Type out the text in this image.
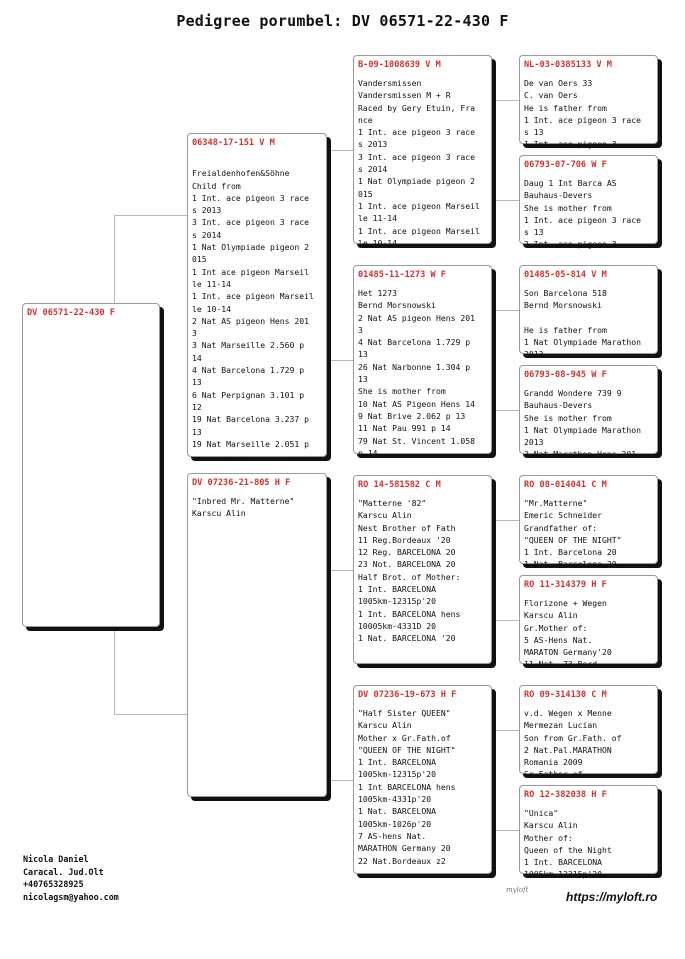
Pedigree porumbel: DV 06571-22-430 F
DV 06571-22-430 F
06348-17-151 V M

Freialdenhofen&Söhne
Child from
1 Int. ace pigeon 3 race
s 2013
3 Int. ace pigeon 3 race
s 2014
1 Nat Olympiade pigeon 2
015
1 Int ace pigeon Marseil
le 11-14
1 Int. ace pigeon Marseil
le 10-14
2 Nat AS pigeon Hens 201
3
3 Nat Marseille 2.560 p
14
4 Nat Barcelona 1.729 p
13
6 Nat Perpignan 3.101 p
12
19 Nat Barcelona 3.237 p
13
19 Nat Marseille 2.051 p
DV 07236-21-805 H F
"Inbred Mr. Matterne"
Karscu Alin
B-09-1008639 V M
Vandersmissen
Vandersmissen M + R
Raced by Gery Etuin, Fra
nce
1 Int. ace pigeon 3 race
s 2013
3 Int. ace pigeon 3 race
s 2014
1 Nat Olympiade pigeon 2
015
1 Int. ace pigeon Marseil
le 11-14
1 Int. ace pigeon Marseil
le 10-14
01485-11-1273 W F
Het 1273
Bernd Morsnowski
2 Nat AS pigeon Hens 201
3
4 Nat Barcelona 1.729 p
13
26 Nat Narbonne 1.304 p
13
She is mother from
10 Nat AS Pigeon Hens 14
9 Nat Brive 2.062 p 13
11 Nat Pau 991 p 14
79 Nat St. Vincent 1.058
p 14
RO 14-581582 C M
"Matterne '82"
Karscu Alin
Nest Brother of Fath
11 Reg.Bordeaux '20
12 Reg. BARCELONA 20
23 Not. BARCELONA 20
Half Brot. of Mother:
1 Int. BARCELONA
1005km-12315p'20
1 Int. BARCELONA hens
10005km-4331D 20
1 Nat. BARCELONA '20
DV 07236-19-673 H F
"Half Sister QUEEN"
Karscu Alin
Mother x Gr.Fath.of
"QUEEN OF THE NIGHT"
1 Int. BARCELONA
1005km-12315p'20
1 Int BARCELONA hens
1005km-4331p'20
1 Nat. BARCELONA
1005km-1026p'20
7 AS-hens Nat.
MARATHON Germany 20
22 Nat.Bordeaux z2
NL-03-0385133 V M
De van Oers 33
C. van Oers
He is father from
1 Int. ace pigeon 3 race
s 13
1 Int. ace pigeon 3
06793-07-706 W F
Daug 1 Int Barca AS
Bauhaus-Devers
She is mother from
1 Int. ace pigeon 3 race
s 13
2 Int. ace pigeon 3
01485-05-814 V M
Son Barcelona 518
Bernd Morsnowski

He is father from
1 Nat Olympiade Marathon
2013
06793-08-945 W F
Grandd Wondere 739 9
Bauhaus-Devers
She is mother from
1 Nat Olympiade Marathon
2013
2 Nat Marathon Hens 201
RO 08-014041 C M
"Mr.Matterne"
Emeric Schneider
Grandfather of:
"QUEEN OF THE NIGHT"
1 Int. Barcelona 20
1 Nat. Barcelona 20
RO 11-314379 H F
Florizone + Wegen
Karscu Alin
Gr.Mother of:
5 AS-Hens Nat.
MARATON Germany'20
11 Nat. 73 Bord
RO 09-314130 C M
v.d. Wegen x Menne
Mermezan Lucian
Son from Gr.Fath. of
2 Nat.Pal.MARATHON
Romania 2009
Gr.Father of
RO 12-382038 H F
"Unica"
Karscu Alin
Mother of:
Queen of the Night
1 Int. BARCELONA
1005km-12315p'20
Nicola Daniel
Caracal. Jud.Olt
+40765328925
nicolagsm@yahoo.com
myloft	https://myloft.ro
